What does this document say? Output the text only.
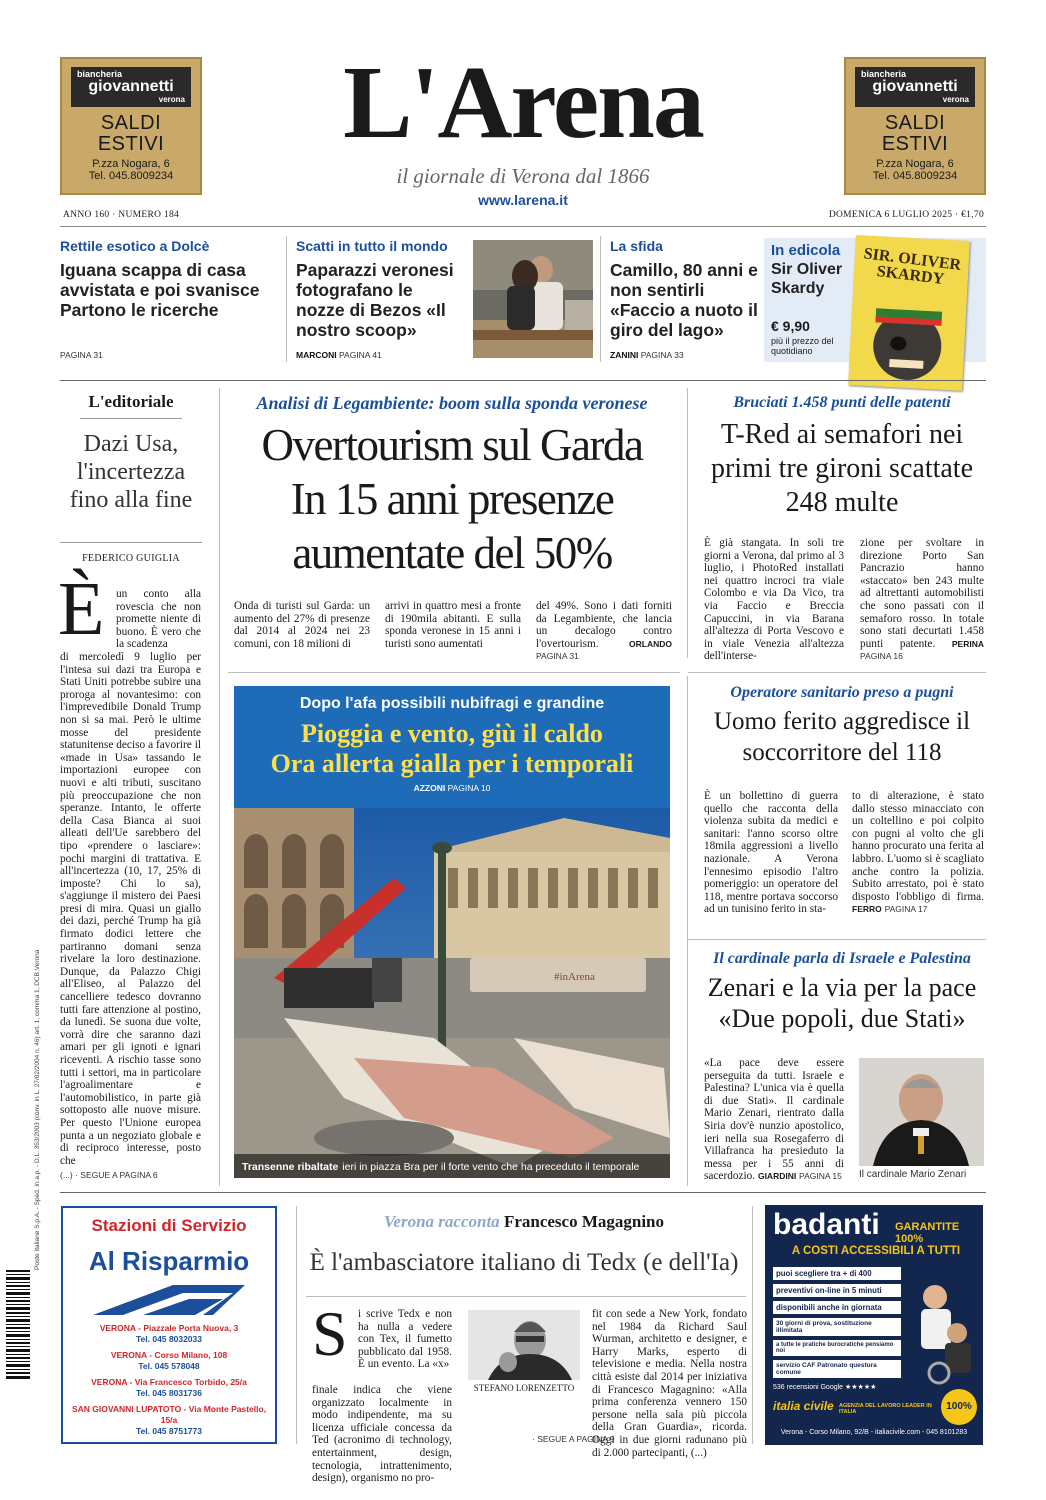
biancheria
giovannetti
verona
SALDI
ESTIVI
P.zza Nogara, 6
Tel. 045.8009234
biancheria
giovannetti
verona
SALDI
ESTIVI
P.zza Nogara, 6
Tel. 045.8009234
L'Arena
il giornale di Verona dal 1866
www.larena.it
ANNO 160 · NUMERO 184	DOMENICA 6 LUGLIO 2025 · €1,70
Rettile esotico a Dolcè
Iguana scappa di casa avvistata e poi svanisce Partono le ricerche
PAGINA 31
Scatti in tutto il mondo
Paparazzi veronesi fotografano le nozze di Bezos «Il nostro scoop»
MARCONI PAGINA 41
La sfida
Camillo, 80 anni e non sentirli «Faccio a nuoto il giro del lago»
ZANINI PAGINA 33
In edicola
Sir Oliver Skardy
€ 9,90
più il prezzo del quotidiano
SIR. OLIVER SKARDY
L'editoriale
Dazi Usa, l'incertezza fino alla fine
FEDERICO GUIGLIA
È un conto alla rovescia che non promette niente di buono. È vero che la scadenza
di mercoledì 9 luglio per l'intesa sui dazi tra Europa e Stati Uniti potrebbe subire una proroga al novantesimo: con l'imprevedibile Donald Trump non si sa mai. Però le ultime mosse del presidente statunitense deciso a favorire il «made in Usa» tassando le importazioni europee con nuovi e alti tributi, suscitano più preoccupazione che non speranze. Intanto, le offerte della Casa Bianca ai suoi alleati dell'Ue sarebbero del tipo «prendere o lasciare»: pochi margini di trattativa. E all'incertezza (10, 17, 25% di imposte? Chi lo sa), s'aggiunge il mistero dei Paesi presi di mira. Quasi un giallo dei dazi, perché Trump ha già firmato dodici lettere che partiranno domani senza rivelare la loro destinazione. Dunque, da Palazzo Chigi all'Eliseo, al Palazzo del cancelliere tedesco dovranno tutti fare attenzione al postino, da lunedì. Se suona due volte, vorrà dire che saranno dazi amari per gli ignoti e ignari riceventi. A rischio tasse sono tutti i settori, ma in particolare l'agroalimentare e l'automobilistico, in parte già sottoposto alle nuove misure. Per questo l'Unione europea punta a un negoziato globale e di reciproco interesse, posto che
(...) · SEGUE A PAGINA 6
Analisi di Legambiente: boom sulla sponda veronese
Overtourism sul Garda
In 15 anni presenze
aumentate del 50%
Onda di turisti sul Garda: un aumento del 27% di presenze dal 2014 al 2024 nei 23 comuni, con 18 milioni di
arrivi in quattro mesi a fronte di 190mila abitanti. E sulla sponda veronese in 15 anni i turisti sono aumentati
del 49%. Sono i dati forniti da Legambiente, che lancia un decalogo contro l'overtourism.	ORLANDO PAGINA 31
Bruciati 1.458 punti delle patenti
T-Red ai semafori nei primi tre gironi scattate 248 multe
È già stangata. In soli tre giorni a Verona, dal primo al 3 luglio, i PhotoRed installati nei quattro incroci tra viale Colombo e via Da Vico, tra via Faccio e Breccia Capuccini, in via Barana all'altezza di Porta Vescovo e in viale Venezia all'altezza dell'interse-
zione per svoltare in direzione Porto San Pancrazio hanno «staccato» ben 243 multe ad altrettanti automobilisti che sono passati con il semaforo rosso. In totale sono stati decurtati 1.458 punti patente. PERINA PAGINA 16
Dopo l'afa possibili nubifragi e grandine
Pioggia e vento, giù il caldo
Ora allerta gialla per i temporali
AZZONI PAGINA 10
#inArena
Transenne ribaltate ieri in piazza Bra per il forte vento che ha preceduto il temporale
Operatore sanitario preso a pugni
Uomo ferito aggredisce il soccorritore del 118
È un bollettino di guerra quello che racconta della violenza subita da medici e sanitari: l'anno scorso oltre 18mila aggressioni a livello nazionale. A Verona l'ennesimo episodio l'altro pomeriggio: un operatore del 118, mentre portava soccorso ad un tunisino ferito in sta-
to di alterazione, è stato dallo stesso minacciato con un coltellino e poi colpito con pugni al volto che gli hanno procurato una ferita al labbro. L'uomo si è scagliato anche contro la polizia. Subito arrestato, poi è stato disposto l'obbligo di firma. FERRO PAGINA 17
Il cardinale parla di Israele e Palestina
Zenari e la via per la pace
«Due popoli, due Stati»
«La pace deve essere perseguita da tutti. Israele e Palestina? L'unica via è quella di due Stati». Il cardinale Mario Zenari, rientrato dalla Siria dov'è nunzio apostolico, ieri nella sua Rosegaferro di Villafranca ha presieduto la messa per i 55 anni di sacerdozio. GIARDINI PAGINA 15 Il cardinale Mario Zenari
Stazioni di Servizio
Al Risparmio
VERONA - Piazzale Porta Nuova, 3
Tel. 045 8032033
VERONA - Corso Milano, 108
Tel. 045 578048
VERONA - Via Francesco Torbido, 25/a
Tel. 045 8031736
SAN GIOVANNI LUPATOTO - Via Monte Pastello, 15/a
Tel. 045 8751773
Verona racconta Francesco Magagnino
È l'ambasciatore italiano di Tedx (e dell'Ia)
S i scrive Tedx e non ha nulla a vedere con Tex, il fumetto pubblicato dal 1958. È un evento. La «x»
finale indica che viene organizzato localmente in modo indipendente, ma su licenza ufficiale concessa da Ted (acronimo di technology, entertainment, design, tecnologia, intrattenimento, design), organismo no pro-
STEFANO LORENZETTO
fit con sede a New York, fondato nel 1984 da Richard Saul Wurman, architetto e designer, e Harry Marks, esperto di televisione e media. Nella nostra città esiste dal 2014 per iniziativa di Francesco Magagnino: «Alla prima conferenza vennero 150 persone nella sala più piccola della Gran Guardia», ricorda. Oggi in due giorni radunano più di 2.000 partecipanti, (...)
· SEGUE A PAGINA 9
badanti GARANTITE 100%
A COSTI ACCESSIBILI A TUTTI
puoi scegliere tra + di 400
preventivi on-line in 5 minuti
disponibili anche in giornata
30 giorni di prova, sostituzione illimitata
a tutte le pratiche burocratiche pensiamo noi
servizio CAF Patronato questura comune
536 recensioni Google ★★★★★
italia civile AGENZIA DEL LAVORO LEADER IN ITALIA	100%
Verona - Corso Milano, 92/B - italiacivile.com - 045 8101283
Poste Italiane S.p.A. - Sped. in a.p. - D.L. 353/2003 (conv. in L. 27/02/2004 n. 46) art. 1, comma 1, DCB Verona
